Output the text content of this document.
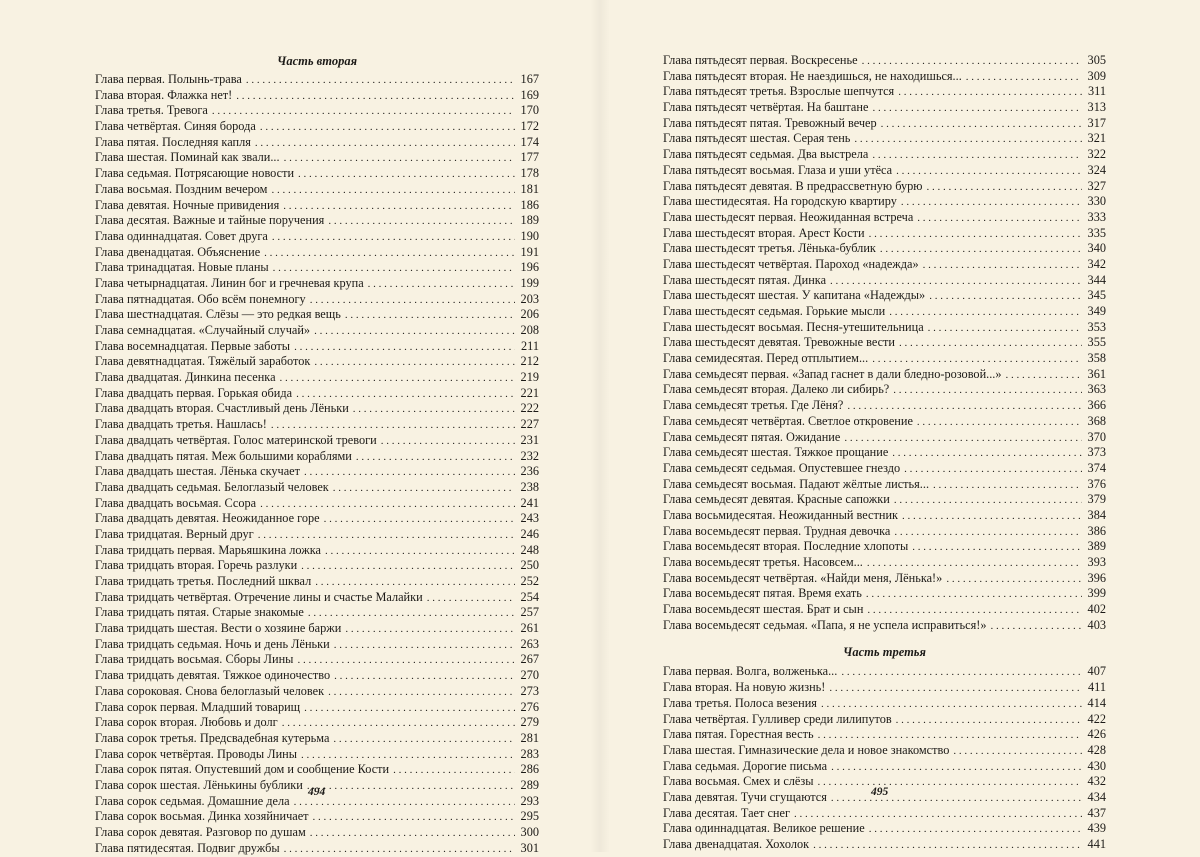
Часть вторая
Глава первая. Полынь-трава . . .	167
Глава вторая. Флажка нет! . . .	169
Глава третья. Тревога . . .	170
Глава четвёртая. Синяя борода . . .	172
Глава пятая. Последняя капля . . .	174
Глава шестая. Поминай как звали... . . .	177
Глава седьмая. Потрясающие новости . . .	178
Глава восьмая. Поздним вечером . . .	181
Глава девятая. Ночные привидения . . .	186
Глава десятая. Важные и тайные поручения . . .	189
Глава одиннадцатая. Совет друга . . .	190
Глава двенадцатая. Объяснение . . .	191
Глава тринадцатая. Новые планы . . .	196
Глава четырнадцатая. Линин бог и гречневая крупа . . .	199
Глава пятнадцатая. Обо всём понемногу . . .	203
Глава шестнадцатая. Слёзы — это редкая вещь . . .	206
Глава семнадцатая. «Случайный случай» . . .	208
Глава восемнадцатая. Первые заботы . . .	211
Глава девятнадцатая. Тяжёлый заработок . . .	212
Глава двадцатая. Динкина песенка . . .	219
Глава двадцать первая. Горькая обида . . .	221
Глава двадцать вторая. Счастливый день Лёньки . . .	222
Глава двадцать третья. Нашлась! . . .	227
Глава двадцать четвёртая. Голос материнской тревоги . . .	231
Глава двадцать пятая. Меж большими кораблями . . .	232
Глава двадцать шестая. Лёнька скучает . . .	236
Глава двадцать седьмая. Белоглазый человек . . .	238
Глава двадцать восьмая. Ссора . . .	241
Глава двадцать девятая. Неожиданное горе . . .	243
Глава тридцатая. Верный друг . . .	246
Глава тридцать первая. Марьяшкина ложка . . .	248
Глава тридцать вторая. Горечь разлуки . . .	250
Глава тридцать третья. Последний шквал . . .	252
Глава тридцать четвёртая. Отречение лины и счастье Малайки . . .	254
Глава тридцать пятая. Старые знакомые . . .	257
Глава тридцать шестая. Вести о хозяине баржи . . .	261
Глава тридцать седьмая. Ночь и день Лёньки . . .	263
Глава тридцать восьмая. Сборы Лины . . .	267
Глава тридцать девятая. Тяжкое одиночество . . .	270
Глава сороковая. Снова белоглазый человек . . .	273
Глава сорок первая. Младший товарищ . . .	276
Глава сорок вторая. Любовь и долг . . .	279
Глава сорок третья. Предсвадебная кутерьма . . .	281
Глава сорок четвёртая. Проводы Лины . . .	283
Глава сорок пятая. Опустевший дом и сообщение Кости . . .	286
Глава сорок шестая. Лёнькины бублики . . .	289
Глава сорок седьмая. Домашние дела . . .	293
Глава сорок восьмая. Динка хозяйничает . . .	295
Глава сорок девятая. Разговор по душам . . .	300
Глава пятидесятая. Подвиг дружбы . . .	301
Глава пятьдесят первая. Воскресенье . . .	305
Глава пятьдесят вторая. Не наездишься, не находишься... . . .	309
Глава пятьдесят третья. Взрослые шепчутся . . .	311
Глава пятьдесят четвёртая. На баштане . . .	313
Глава пятьдесят пятая. Тревожный вечер . . .	317
Глава пятьдесят шестая. Серая тень . . .	321
Глава пятьдесят седьмая. Два выстрела . . .	322
Глава пятьдесят восьмая. Глаза и уши утёса . . .	324
Глава пятьдесят девятая. В предрассветную бурю . . .	327
Глава шестидесятая. На городскую квартиру . . .	330
Глава шестьдесят первая. Неожиданная встреча . . .	333
Глава шестьдесят вторая. Арест Кости . . .	335
Глава шестьдесят третья. Лёнька-бублик . . .	340
Глава шестьдесят четвёртая. Пароход «надежда» . . .	342
Глава шестьдесят пятая. Динка . . .	344
Глава шестьдесят шестая. У капитана «Надежды» . . .	345
Глава шестьдесят седьмая. Горькие мысли . . .	349
Глава шестьдесят восьмая. Песня-утешительница . . .	353
Глава шестьдесят девятая. Тревожные вести . . .	355
Глава семидесятая. Перед отплытием... . . .	358
Глава семьдесят первая. «Запад гаснет в дали бледно-розовой...» . . .	361
Глава семьдесят вторая. Далеко ли сибирь? . . .	363
Глава семьдесят третья. Где Лёня? . . .	366
Глава семьдесят четвёртая. Светлое откровение . . .	368
Глава семьдесят пятая. Ожидание . . .	370
Глава семьдесят шестая. Тяжкое прощание . . .	373
Глава семьдесят седьмая. Опустевшее гнездо . . .	374
Глава семьдесят восьмая. Падают жёлтые листья... . . .	376
Глава семьдесят девятая. Красные сапожки . . .	379
Глава восьмидесятая. Неожиданный вестник . . .	384
Глава восемьдесят первая. Трудная девочка . . .	386
Глава восемьдесят вторая. Последние хлопоты . . .	389
Глава восемьдесят третья. Насовсем... . . .	393
Глава восемьдесят четвёртая. «Найди меня, Лёнька!» . . .	396
Глава восемьдесят пятая. Время ехать . . .	399
Глава восемьдесят шестая. Брат и сын . . .	402
Глава восемьдесят седьмая. «Папа, я не успела исправиться!» . . .	403
Часть третья
Глава первая. Волга, волженька... . . .	407
Глава вторая. На новую жизнь! . . .	411
Глава третья. Полоса везения . . .	414
Глава четвёртая. Гулливер среди лилипутов . . .	422
Глава пятая. Горестная весть . . .	426
Глава шестая. Гимназические дела и новое знакомство . . .	428
Глава седьмая. Дорогие письма . . .	430
Глава восьмая. Смех и слёзы . . .	432
Глава девятая. Тучи сгущаются . . .	434
Глава десятая. Тает снег . . .	437
Глава одиннадцатая. Великое решение . . .	439
Глава двенадцатая. Хохолок . . .	441
494	495
